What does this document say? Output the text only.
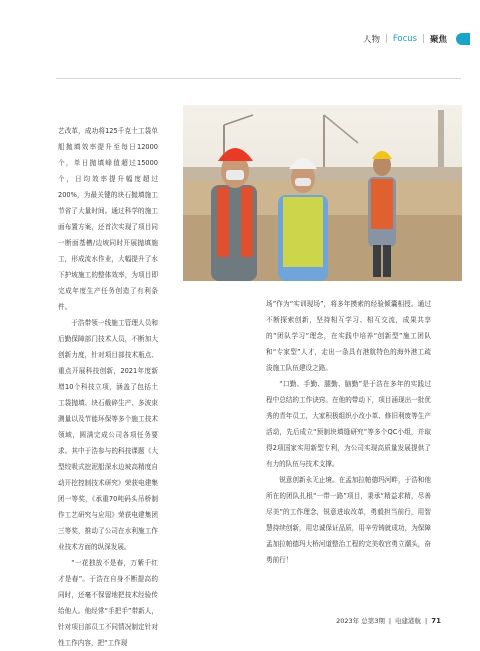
人物 | Focus | 聚焦

艺改革，成功将125千克土工袋单船抛填效率提升至每日12000个，单日抛填峰值超过15000个，日均效率提升幅度超过200%，为最关键的块石抛填施工节省了大量时间。通过科学的施工面布置方案，还首次实现了项目同一断面基槽/边坡同时开展抛填施工，形成流水作业，大幅提升了水下护坡施工的整体效率，为项目即完成年度生产任务创造了有利条件。

于浩带领一线施工管理人员和后勤保障部门技术人员，不断加大创新力度，针对项目部技术瓶点、重点开展科技创新，2021年度新增10个科技立项，涵盖了包括土工袋抛填、块石截碎生产、多波束测量以及节能环保等多个施工技术领域，圆满完成公司各项任务要求。其中于浩参与的科技课题《大型绞吸式挖泥船深水边坡高精度自动开挖控制技术研究》荣获电建集团一等奖，《承重70吨码头吊桥制作工艺研究与应用》荣获电建集团三等奖，推动了公司在水利施工作业技术方面的纵深发展。

“一花独放不是春，万紫千红才是春”。于浩在自身不断提高的同时，还毫不保留地把技术经验传给他人。他经常“手把手”带新人，针对项目部员工不同情况制定针对性工作内容，把“工作现

场”作为“实训现场”，将多年摸索的经验倾囊相授。通过不断探索创新，坚持相互学习、相互交流，成果共享的“团队学习”理念，在实践中培养“创新型”施工团队和“专家型”人才，走出一条具有港航特色的海外港工疏浚施工队伍建设之路。

“口勤、手勤、腿勤、脑勤”是于浩在多年的实践过程中总结的工作诀窍。在他的带动下，项目涌现出一批优秀的青年员工，大家积极组织小改小革、修旧利废等生产活动，先后成立“预制块填缝研究”等多个QC小组，并取得2项国家实用新型专利，为公司实现高质量发展提供了有力的队伍与技术支撑。

锐意创新永无止境。在孟加拉帕德玛河畔，于浩和他所在的团队扎根“一带一路”项目，秉承“精益求精，尽善尽美”的工作理念，锐意进取改革，勇毅担当前行，用智慧持续创新，用忠诚保证品质，用辛劳铸就成功，为保障孟加拉帕德玛大桥河道整治工程的完美收官勇立潮头，奋勇前行！

2023年 总第3期 | 电建港航 | 71
